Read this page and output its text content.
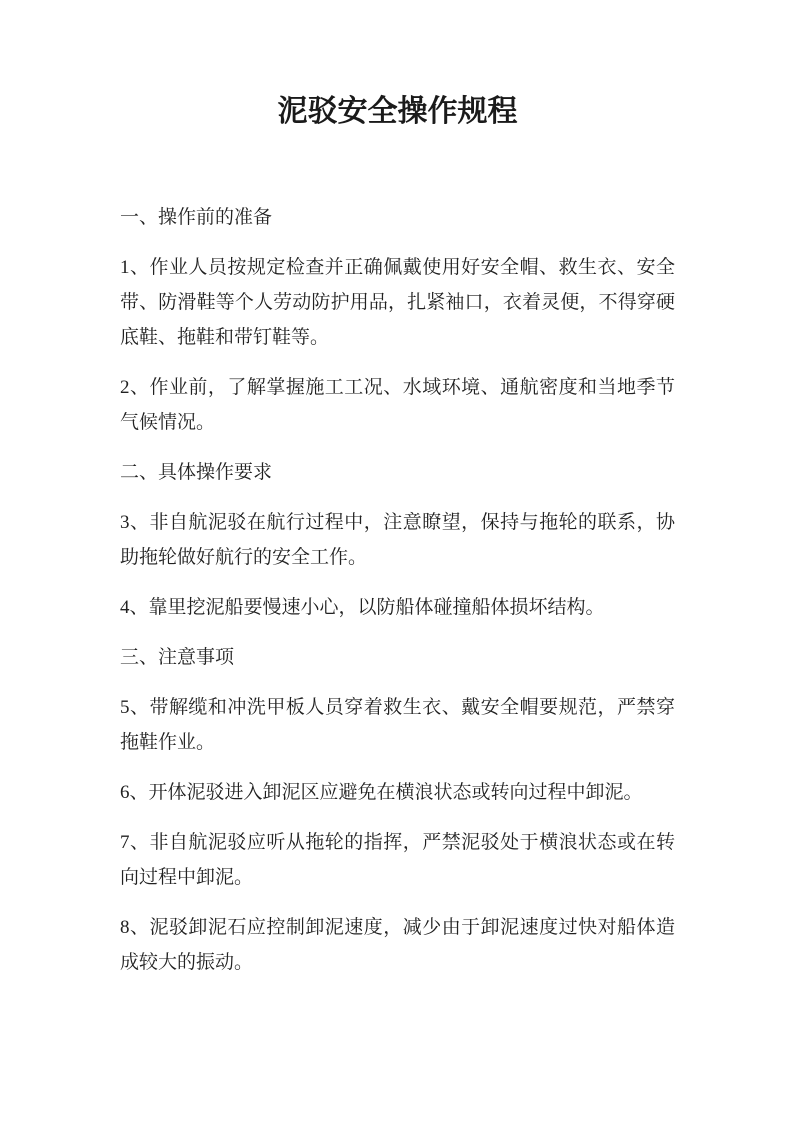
泥驳安全操作规程

一、操作前的准备

1、作业人员按规定检查并正确佩戴使用好安全帽、救生衣、安全带、防滑鞋等个人劳动防护用品，扎紧袖口，衣着灵便，不得穿硬底鞋、拖鞋和带钉鞋等。

2、作业前，了解掌握施工工况、水域环境、通航密度和当地季节气候情况。

二、具体操作要求

3、非自航泥驳在航行过程中，注意瞭望，保持与拖轮的联系，协助拖轮做好航行的安全工作。

4、靠里挖泥船要慢速小心，以防船体碰撞船体损坏结构。

三、注意事项

5、带解缆和冲洗甲板人员穿着救生衣、戴安全帽要规范，严禁穿拖鞋作业。

6、开体泥驳进入卸泥区应避免在横浪状态或转向过程中卸泥。

7、非自航泥驳应听从拖轮的指挥，严禁泥驳处于横浪状态或在转向过程中卸泥。

8、泥驳卸泥石应控制卸泥速度，减少由于卸泥速度过快对船体造成较大的振动。
